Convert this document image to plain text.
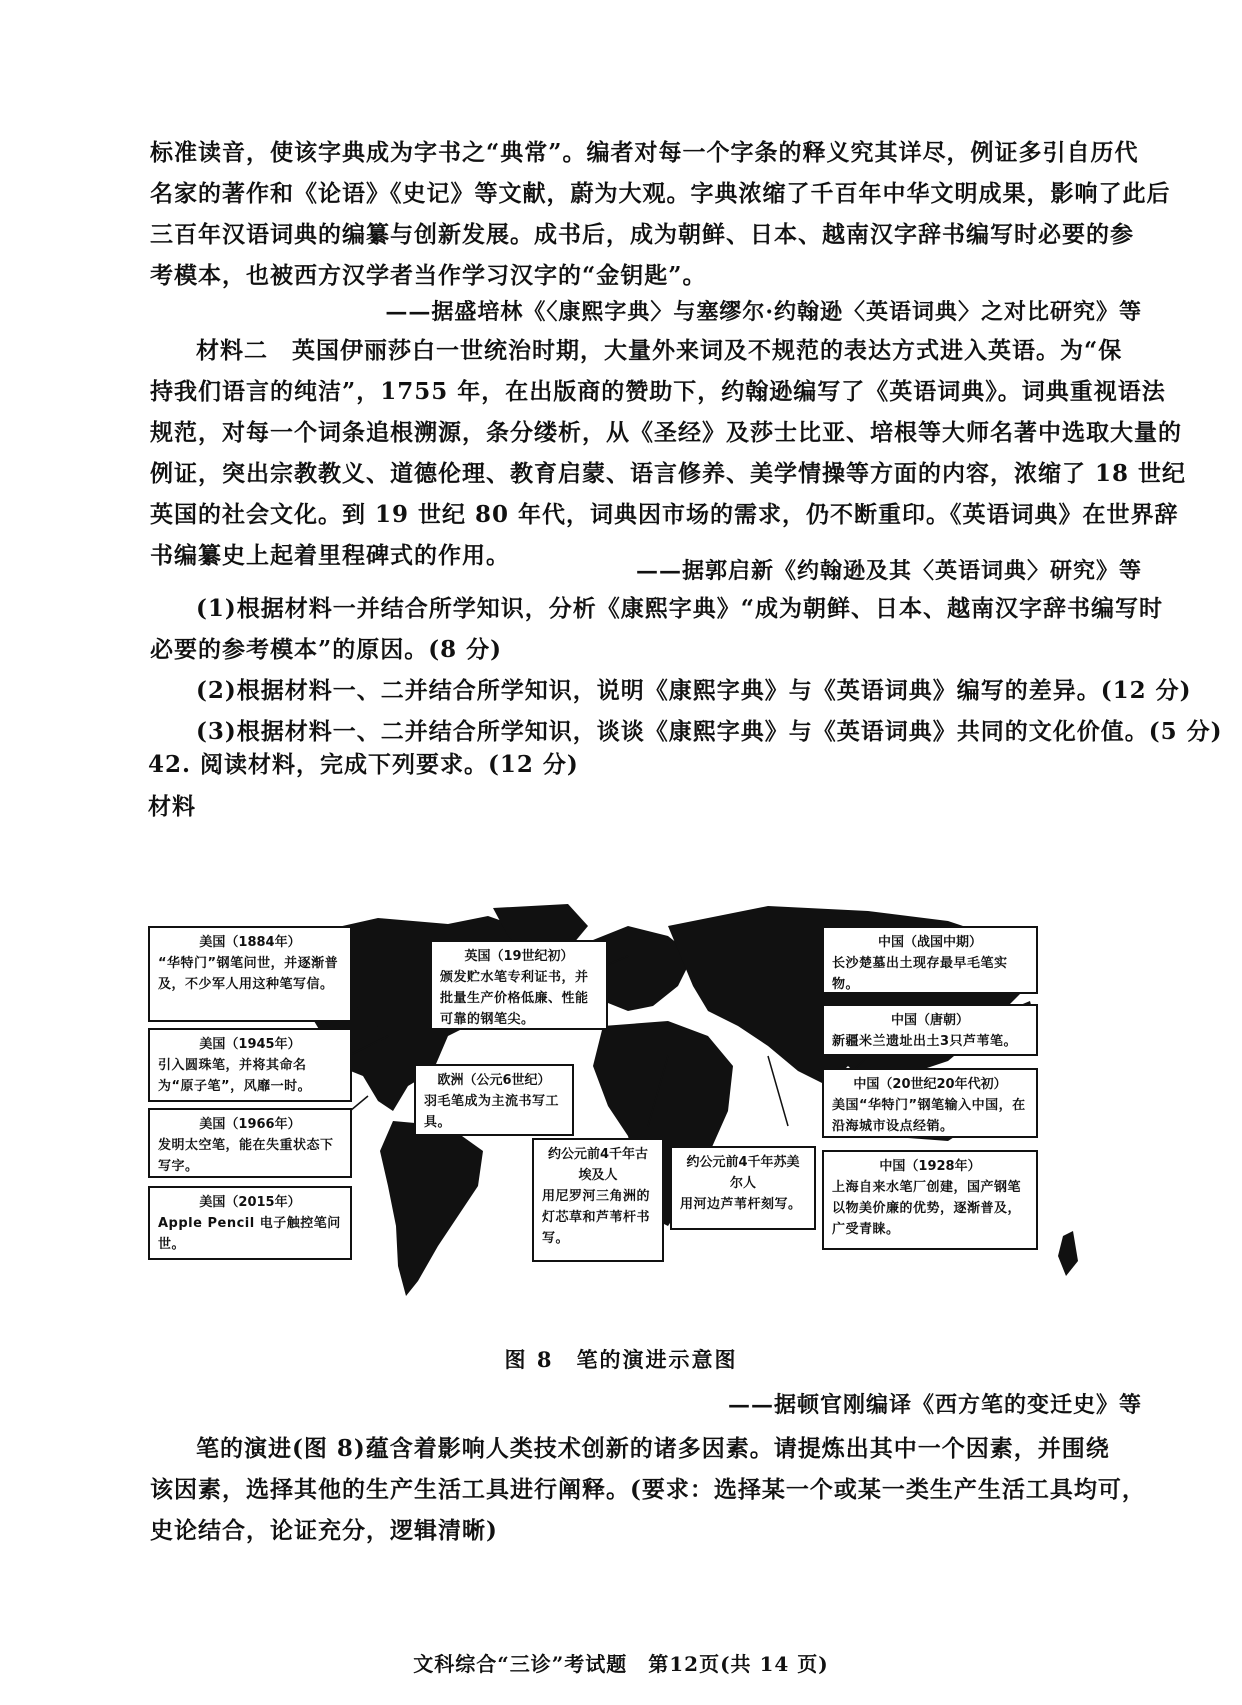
标准读音，使该字典成为字书之“典常”。编者对每一个字条的释义究其详尽，例证多引自历代
名家的著作和《论语》《史记》等文献，蔚为大观。字典浓缩了千百年中华文明成果，影响了此后
三百年汉语词典的编纂与创新发展。成书后，成为朝鲜、日本、越南汉字辞书编写时必要的参
考模本，也被西方汉学者当作学习汉字的“金钥匙”。
——据盛培林《〈康熙字典〉与塞缪尔·约翰逊〈英语词典〉之对比研究》等
材料二　 英国伊丽莎白一世统治时期，大量外来词及不规范的表达方式进入英语。为“保
持我们语言的纯洁”，1755 年，在出版商的赞助下，约翰逊编写了《英语词典》。词典重视语法
规范，对每一个词条追根溯源，条分缕析，从《圣经》及莎士比亚、培根等大师名著中选取大量的
例证，突出宗教教义、道德伦理、教育启蒙、语言修养、美学情操等方面的内容，浓缩了 18 世纪
英国的社会文化。到 19 世纪 80 年代，词典因市场的需求，仍不断重印。《英语词典》在世界辞
书编纂史上起着里程碑式的作用。
——据郭启新《约翰逊及其〈英语词典〉研究》等
(1)根据材料一并结合所学知识，分析《康熙字典》“成为朝鲜、日本、越南汉字辞书编写时
必要的参考模本”的原因。(8 分)
(2)根据材料一、二并结合所学知识，说明《康熙字典》与《英语词典》编写的差异。(12 分)
(3)根据材料一、二并结合所学知识，谈谈《康熙字典》与《英语词典》共同的文化价值。(5 分)
42. 阅读材料，完成下列要求。(12 分)
材料
美国（1884年）
“华特门”钢笔问世，并逐渐普及，不少军人用这种笔写信。
英国（19世纪初）
颁发贮水笔专利证书，并批量生产价格低廉、性能可靠的钢笔尖。
中国（战国中期）
长沙楚墓出土现存最早毛笔实物。
中国（唐朝）
新疆米兰遗址出土3只芦苇笔。
美国（1945年）
引入圆珠笔，并将其命名为“原子笔”，风靡一时。	欧洲（公元6世纪）
羽毛笔成为主流书写工具。
中国（20世纪20年代初）
美国“华特门”钢笔输入中国，在沿海城市设点经销。
美国（1966年）
发明太空笔，能在失重状态下写字。
约公元前4千年古埃及人
用尼罗河三角洲的灯芯草和芦苇杆书写。
约公元前4千年苏美尔人
用河边芦苇杆刻写。
中国（1928年）
上海自来水笔厂创建，国产钢笔以物美价廉的优势，逐渐普及，广受青睐。
美国（2015年）
Apple Pencil 电子触控笔问世。
图 8　笔的演进示意图
——据顿官刚编译《西方笔的变迁史》等
笔的演进(图 8)蕴含着影响人类技术创新的诸多因素。请提炼出其中一个因素，并围绕
该因素，选择其他的生产生活工具进行阐释。(要求：选择某一个或某一类生产生活工具均可，
史论结合，论证充分，逻辑清晰)
文科综合“三诊”考试题　第12页(共 14 页)
